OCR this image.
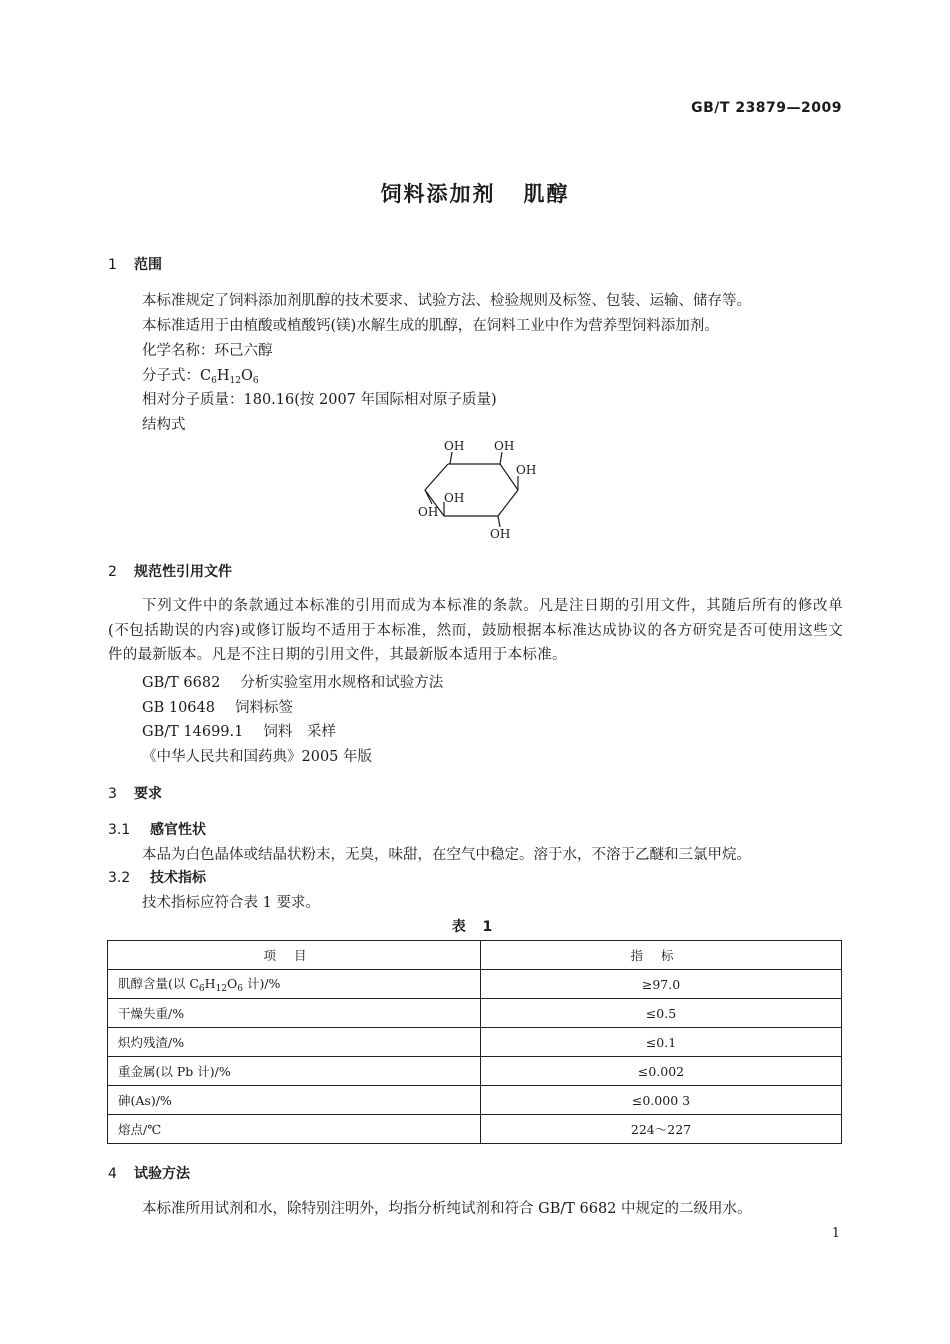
GB/T 23879—2009
饲料添加剂 肌醇
1 范围
本标准规定了饲料添加剂肌醇的技术要求、试验方法、检验规则及标签、包装、运输、储存等。
本标准适用于由植酸或植酸钙(镁)水解生成的肌醇，在饲料工业中作为营养型饲料添加剂。
化学名称：环己六醇
分子式：$C_6H_{12}O_6$
相对分子质量：180.16(按 2007 年国际相对原子质量)
结构式
OH OH
OH
OH
OH
OH
2 规范性引用文件
下列文件中的条款通过本标准的引用而成为本标准的条款。凡是注日期的引用文件，其随后所有的修改单(不包括勘误的内容)或修订版均不适用于本标准，然而，鼓励根据本标准达成协议的各方研究是否可使用这些文件的最新版本。凡是不注日期的引用文件，其最新版本适用于本标准。
GB/T 6682 分析实验室用水规格和试验方法
GB 10648 饲料标签
GB/T 14699.1 饲料　采样
《中华人民共和国药典》2005 年版
3 要求
3.1 感官性状
本品为白色晶体或结晶状粉末，无臭，味甜，在空气中稳定。溶于水，不溶于乙醚和三氯甲烷。
3.2 技术指标
技术指标应符合表 1 要求。
表 1
项目	指标
肌醇含量(以 $C_6H_{12}O_6$ 计)/%	≥97.0
干燥失重/%	≤0.5
炽灼残渣/%	≤0.1
重金属(以 Pb 计)/%	≤0.002
砷(As)/%	≤0.000 3
熔点/℃	224～227
4 试验方法
本标准所用试剂和水，除特别注明外，均指分析纯试剂和符合 GB/T 6682 中规定的二级用水。
1
